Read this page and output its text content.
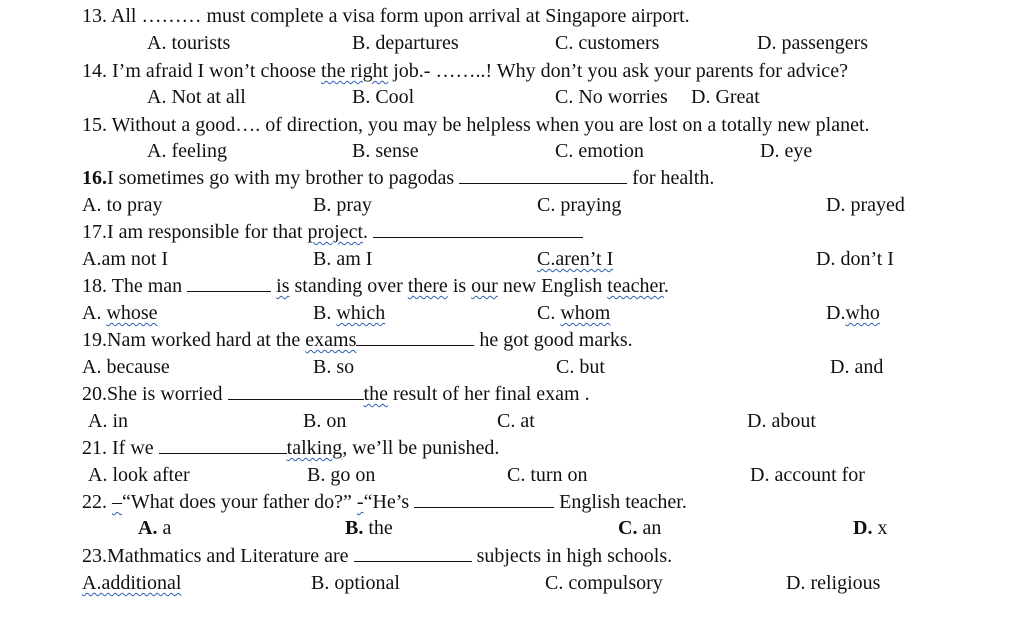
13. All ……… must complete a visa form upon arrival at Singapore airport.
A. tourists	B. departures	C. customers	D. passengers
14. I’m afraid I won’t choose the right job.- ……..! Why don’t you ask your parents for advice?
A. Not at all	B. Cool	C. No worries D. Great
15. Without a good…. of direction, you may be helpless when you are lost on a totally new planet.
A. feeling	B. sense	C. emotion	D. eye
16.I sometimes go with my brother to pagodas	for health.
A. to pray	B. pray	C. praying	D. prayed
17.I am responsible for that project.
A.am not I	B. am I	C.aren’t I	D. don’t I
18. The man	is standing over there is our new English teacher.
A. whose	B. which	C. whom	D.who
19.Nam worked hard at the exams	he got good marks.
A. because	B. so	C. but	D. and
20.She is worried	the result of her final exam .
A. in	B. on	C. at	D. about
21. If we	talking, we’ll be punished.
A. look after	B. go on	C. turn on	D. account for
22. –“What does your father do?” -“He’s	English teacher.
A. a	B. the	C. an	D. x
23.Mathmatics and Literature are	subjects in high schools.
A.additional	B. optional	C. compulsory	D. religious
